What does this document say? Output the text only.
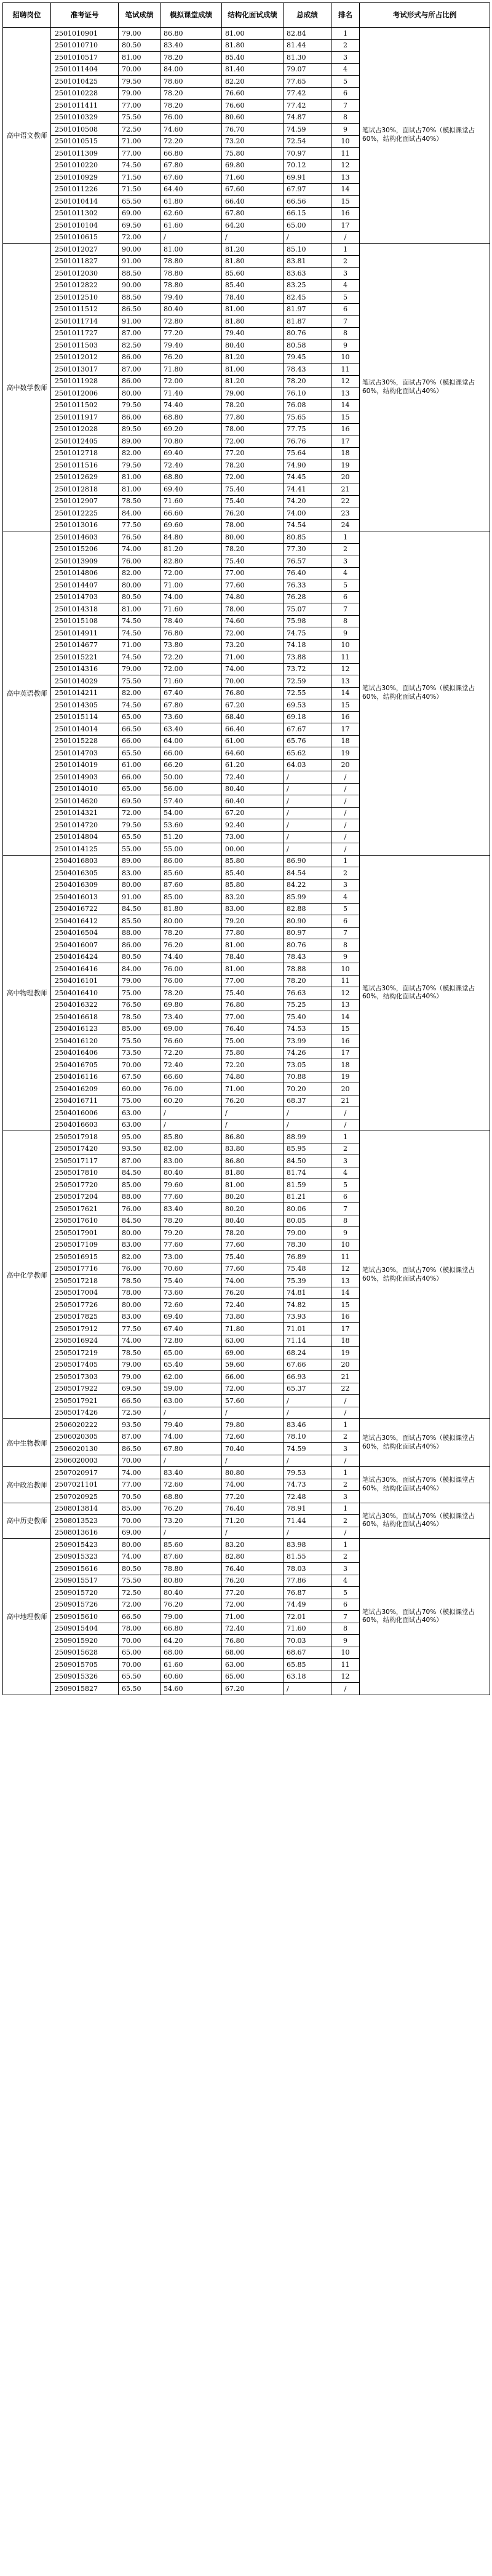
招聘岗位	准考证号	笔试成绩	模拟课堂成绩	结构化面试成绩	总成绩	排名	考试形式与所占比例
高中语文教师	2501010901	79.00	86.80	81.00	82.84	1	笔试占30%，面试占70%（模拟课堂占60%，结构化面试占40%）
	2501010710	80.50	83.40	81.80	81.44	2	
	2501010517	81.00	78.20	85.40	81.30	3	
	2501011404	70.00	84.00	81.40	79.07	4	
	2501010425	79.50	78.60	82.20	77.65	5	
	2501010228	79.00	78.20	76.60	77.42	6	
	2501011411	77.00	78.20	76.60	77.42	7	
	2501010329	75.50	76.00	80.60	74.87	8	
	2501010508	72.50	74.60	76.70	74.59	9	
	2501010515	71.00	72.20	73.20	72.54	10	
	2501011309	77.00	66.80	75.80	70.97	11	
	2501010220	74.50	67.80	69.80	70.12	12	
	2501010929	71.50	67.60	71.60	69.91	13	
	2501011226	71.50	64.40	67.60	67.97	14	
	2501010414	65.50	61.80	66.40	66.56	15	
	2501011302	69.00	62.60	67.80	66.15	16	
	2501010104	69.50	61.60	64.20	65.00	17	
	2501010615	72.00	/	/	/	/	
高中数学教师	2501012027	90.00	81.00	81.20	85.10	1	笔试占30%，面试占70%（模拟课堂占60%，结构化面试占40%）
	2501011827	91.00	78.80	81.80	83.81	2	
	2501012030	88.50	78.80	85.60	83.63	3	
	2501012822	90.00	78.80	85.40	83.25	4	
	2501012510	88.50	79.40	78.40	82.45	5	
	2501011512	86.50	80.40	81.00	81.97	6	
	2501011714	91.00	72.80	81.80	81.87	7	
	2501011727	87.00	77.20	79.40	80.76	8	
	2501011503	82.50	79.40	80.40	80.58	9	
	2501012012	86.00	76.20	81.20	79.45	10	
	2501013017	87.00	71.80	81.00	78.43	11	
	2501011928	86.00	72.00	81.20	78.20	12	
	2501012006	80.00	71.40	79.00	76.10	13	
	2501011502	79.50	74.40	78.20	76.08	14	
	2501011917	86.00	68.80	77.80	75.65	15	
	2501012028	89.50	69.20	78.00	77.75	16	
	2501012405	89.00	70.80	72.00	76.76	17	
	2501012718	82.00	69.40	77.20	75.64	18	
	2501011516	79.50	72.40	78.20	74.90	19	
	2501012629	81.00	68.80	72.00	74.45	20	
	2501012818	81.00	69.40	75.40	74.41	21	
	2501012907	78.50	71.60	75.40	74.20	22	
	2501012225	84.00	66.60	76.20	74.00	23	
	2501013016	77.50	69.60	78.00	74.54	24	
高中英语教师	2501014603	76.50	84.80	80.00	80.85	1	笔试占30%，面试占70%（模拟课堂占60%，结构化面试占40%）
	2501015206	74.00	81.20	78.20	77.30	2	
	2501013909	76.00	82.80	75.40	76.57	3	
	2501014806	82.00	72.00	77.00	76.40	4	
	2501014407	80.00	71.00	77.60	76.33	5	
	2501014703	80.50	74.00	74.80	76.28	6	
	2501014318	81.00	71.60	78.00	75.07	7	
	2501015108	74.50	78.40	74.60	75.98	8	
	2501014911	74.50	76.80	72.00	74.75	9	
	2501014677	71.00	73.80	73.20	74.18	10	
	2501015221	74.50	72.20	71.00	73.88	11	
	2501014316	79.00	72.00	74.00	73.72	12	
	2501014029	75.50	71.60	70.00	72.59	13	
	2501014211	82.00	67.40	76.80	72.55	14	
	2501014305	74.50	67.80	67.20	69.53	15	
	2501015114	65.00	73.60	68.40	69.18	16	
	2501014014	66.50	63.40	66.40	67.67	17	
	2501015228	66.00	64.00	61.00	65.76	18	
	2501014703	65.50	66.00	64.60	65.62	19	
	2501014019	61.00	66.20	61.20	64.03	20	
	2501014903	66.00	50.00	72.40	/	/	
	2501014010	65.00	56.00	80.40	/	/	
	2501014620	69.50	57.40	60.40	/	/	
	2501014321	72.00	54.00	67.20	/	/	
	2501014720	79.50	53.60	92.40	/	/	
	2501014804	65.50	51.20	73.00	/	/	
	2501014125	55.00	55.00	00.00	/	/	
高中物理教师	2504016803	89.00	86.00	85.80	86.90	1	笔试占30%，面试占70%（模拟课堂占60%，结构化面试占40%）
	2504016305	83.00	85.60	85.40	84.54	2	
	2504016309	80.00	87.60	85.80	84.22	3	
	2504016013	91.00	85.00	83.20	85.99	4	
	2504016722	84.50	81.80	83.00	82.88	5	
	2504016412	85.50	80.00	79.20	80.90	6	
	2504016504	88.00	78.20	77.80	80.97	7	
	2504016007	86.00	76.20	81.00	80.76	8	
	2504016424	80.50	74.40	78.40	78.43	9	
	2504016416	84.00	76.00	81.00	78.88	10	
	2504016101	79.00	76.00	77.00	78.20	11	
	2504016410	75.00	78.20	75.40	76.63	12	
	2504016322	76.50	69.80	76.80	75.25	13	
	2504016618	78.50	73.40	77.00	75.40	14	
	2504016123	85.00	69.00	76.40	74.53	15	
	2504016120	75.50	76.60	75.00	73.99	16	
	2504016406	73.50	72.20	75.80	74.26	17	
	2504016705	70.00	72.40	72.20	73.05	18	
	2504016116	67.50	66.60	74.80	70.88	19	
	2504016209	60.00	76.00	71.00	70.20	20	
	2504016711	75.00	60.20	76.20	68.37	21	
	2504016006	63.00	/	/	/	/	
	2504016603	63.00	/	/	/	/	
高中化学教师	2505017918	95.00	85.80	86.80	88.99	1	笔试占30%，面试占70%（模拟课堂占60%，结构化面试占40%）
	2505017420	93.50	82.00	83.80	85.95	2	
	2505017117	87.00	83.00	86.80	84.50	3	
	2505017810	84.50	80.40	81.80	81.74	4	
	2505017720	85.00	79.60	81.00	81.59	5	
	2505017204	88.00	77.60	80.20	81.21	6	
	2505017621	76.00	83.40	80.20	80.06	7	
	2505017610	84.50	78.20	80.40	80.05	8	
	2505017901	80.00	79.20	78.20	79.00	9	
	2505017109	83.00	77.60	77.60	78.30	10	
	2505016915	82.00	73.00	75.40	76.89	11	
	2505017716	76.00	70.60	77.60	75.48	12	
	2505017218	78.50	75.40	74.00	75.39	13	
	2505017004	78.00	73.60	76.20	74.81	14	
	2505017726	80.00	72.60	72.40	74.82	15	
	2505017825	83.00	69.40	73.80	73.93	16	
	2505017912	77.50	67.40	71.80	71.01	17	
	2505016924	74.00	72.80	63.00	71.14	18	
	2505017219	78.50	65.00	69.00	68.24	19	
	2505017405	79.00	65.40	59.60	67.66	20	
	2505017303	79.00	62.00	66.00	66.93	21	
	2505017922	69.50	59.00	72.00	65.37	22	
	2505017921	66.50	63.00	57.60	/	/	
	2505017426	72.50	/	/	/	/	
高中生物教师	2506020222	93.50	79.40	79.80	83.46	1	笔试占30%，面试占70%（模拟课堂占60%，结构化面试占40%）
	2506020305	87.00	74.00	72.60	78.10	2	
	2506020130	86.50	67.80	70.40	74.59	3	
	2506020003	70.00	/	/	/	/	
高中政治教师	2507020917	74.00	83.40	80.80	79.53	1	笔试占30%，面试占70%（模拟课堂占60%，结构化面试占40%）
	2507021101	77.00	72.60	74.00	74.73	2	
	2507020925	70.50	68.80	77.20	72.48	3	
高中历史教师	2508013814	85.00	76.20	76.40	78.91	1	笔试占30%，面试占70%（模拟课堂占60%，结构化面试占40%）
	2508013523	70.00	73.20	71.20	71.44	2	
	2508013616	69.00	/	/	/	/	
高中地理教师	2509015423	80.00	85.60	83.20	83.98	1	笔试占30%，面试占70%（模拟课堂占60%，结构化面试占40%）
	2509015323	74.00	87.60	82.80	81.55	2	
	2509015616	80.50	78.80	76.40	78.03	3	
	2509015517	75.50	80.80	76.20	77.86	4	
	2509015720	72.50	80.40	77.20	76.87	5	
	2509015726	72.00	76.20	72.00	74.49	6	
	2509015610	66.50	79.00	71.00	72.01	7	
	2509015404	78.00	66.80	72.40	71.60	8	
	2509015920	70.00	64.20	76.80	70.03	9	
	2509015628	65.00	68.00	68.00	68.67	10	
	2509015705	70.00	61.60	63.00	65.85	11	
	2509015326	65.50	60.60	65.00	63.18	12	
	2509015827	65.50	54.60	67.20	/	/	
